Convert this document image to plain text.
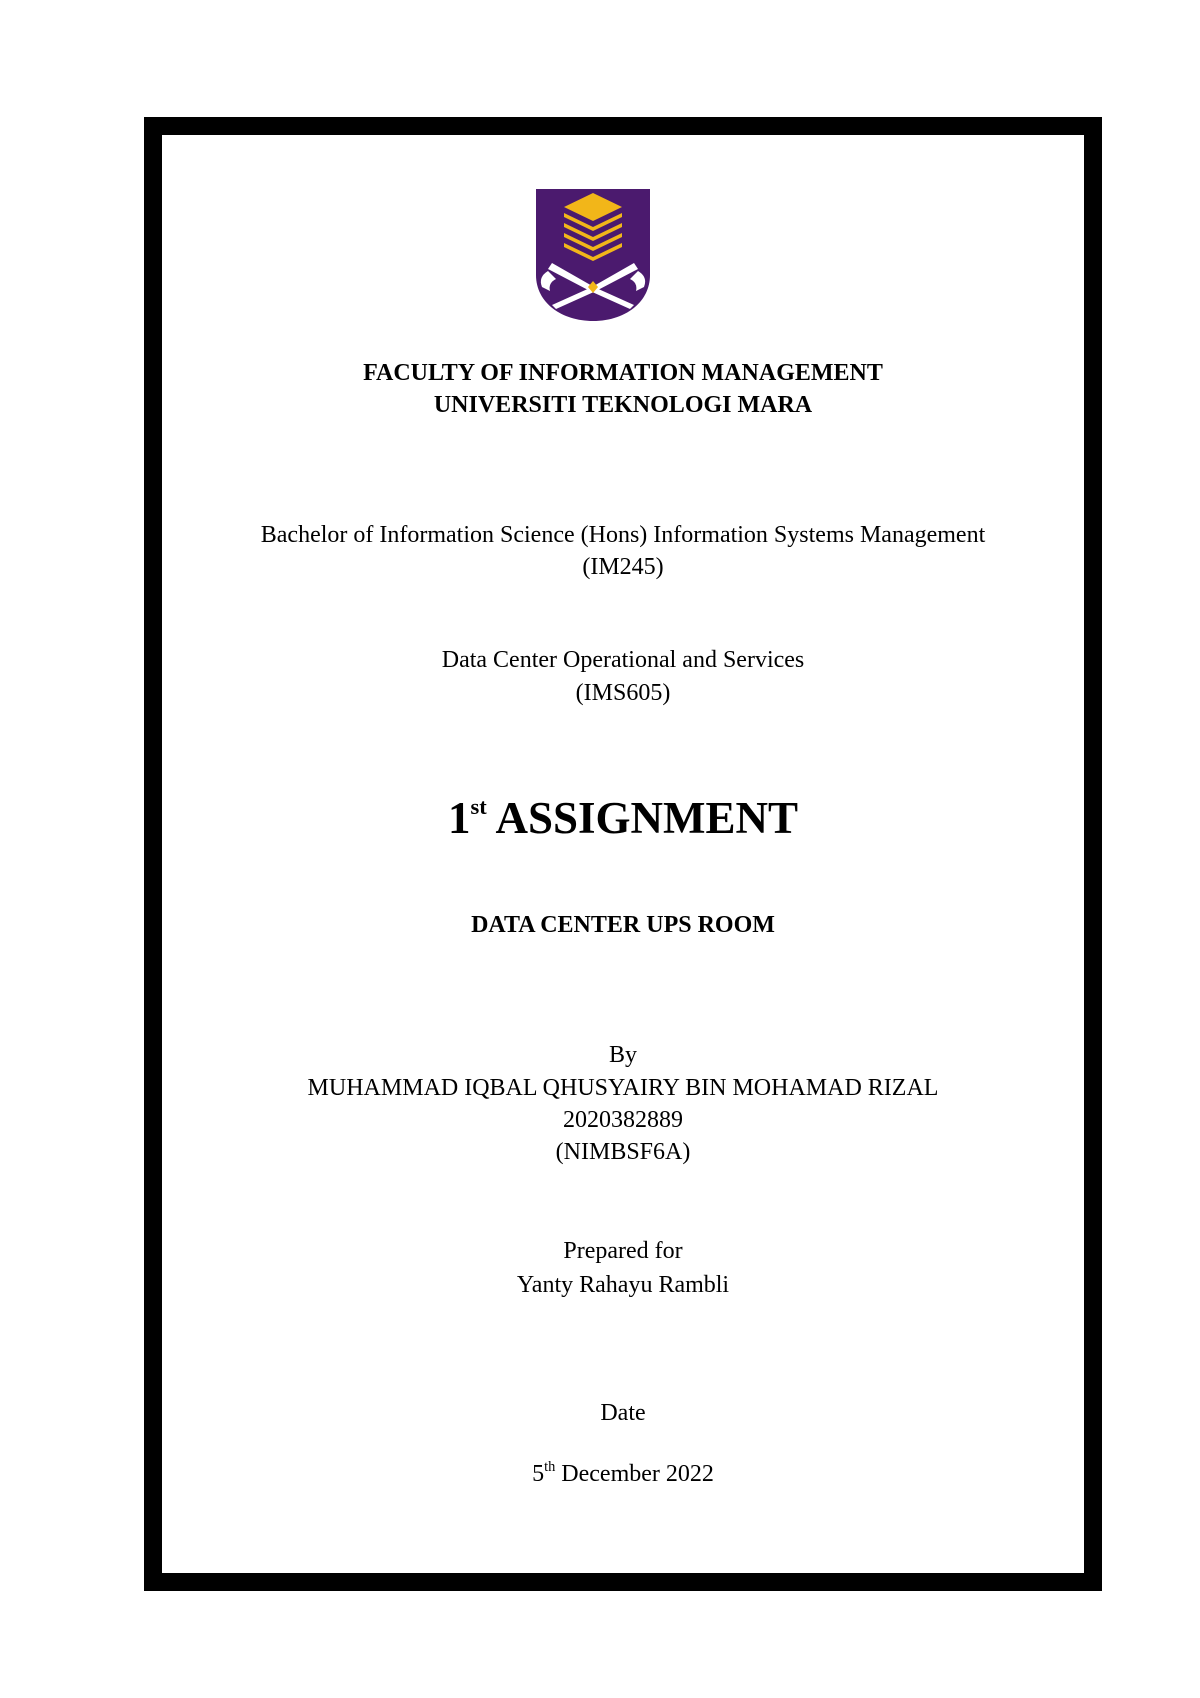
FACULTY OF INFORMATION MANAGEMENT
UNIVERSITI TEKNOLOGI MARA
Bachelor of Information Science (Hons) Information Systems Management
(IM245)
Data Center Operational and Services
(IMS605)
1st ASSIGNMENT
DATA CENTER UPS ROOM
By
MUHAMMAD IQBAL QHUSYAIRY BIN MOHAMAD RIZAL
2020382889
(NIMBSF6A)
Prepared for
Yanty Rahayu Rambli
Date
5th December 2022
